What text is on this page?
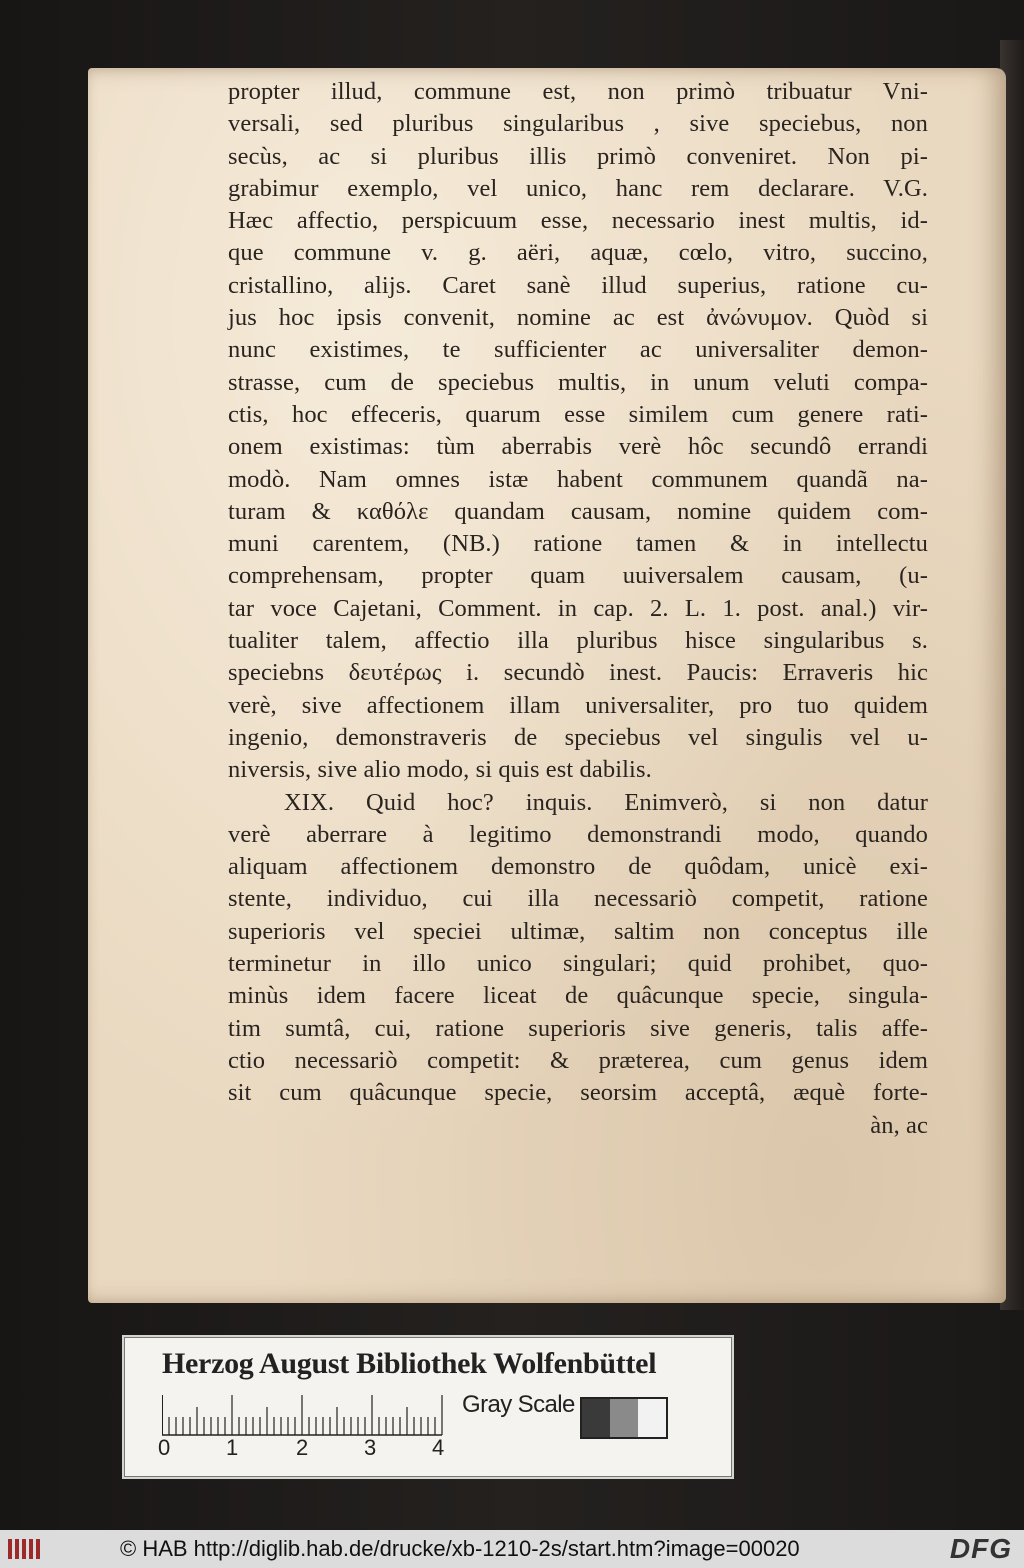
propter illud, commune est, non primò tribuatur Vni-
versali, sed pluribus singularibus , sive speciebus, non
secùs, ac si pluribus illis primò conveniret. Non pi-
grabimur exemplo, vel unico, hanc rem declarare. V.G.
Hæc affectio, perspicuum esse, necessario inest multis, id-
que commune v. g. aëri, aquæ, cœlo, vitro, succino,
cristallino, alijs. Caret sanè illud superius, ratione cu-
jus hoc ipsis convenit, nomine ac est ἀνώνυμον. Quòd si
nunc existimes, te sufficienter ac universaliter demon-
strasse, cum de speciebus multis, in unum veluti compa-
ctis, hoc effeceris, quarum esse similem cum genere rati-
onem existimas: tùm aberrabis verè hôc secundô errandi
modò. Nam omnes istæ habent communem quandã na-
turam & καθόλε quandam causam, nomine quidem com-
muni carentem, (NB.) ratione tamen & in intellectu
comprehensam, propter quam uuiversalem causam, (u-
tar voce Cajetani, Comment. in cap. 2. L. 1. post. anal.) vir-
tualiter talem, affectio illa pluribus hisce singularibus s.
speciebns δευτέρως i. secundò inest. Paucis: Erraveris hic
verè, sive affectionem illam universaliter, pro tuo quidem
ingenio, demonstraveris de speciebus vel singulis vel u-
niversis, sive alio modo, si quis est dabilis.
XIX. Quid hoc? inquis. Enimverò, si non datur
verè aberrare à legitimo demonstrandi modo, quando
aliquam affectionem demonstro de quôdam, unicè exi-
stente, individuo, cui illa necessariò competit, ratione
superioris vel speciei ultimæ, saltim non conceptus ille
terminetur in illo unico singulari; quid prohibet, quo-
minùs idem facere liceat de quâcunque specie, singula-
tim sumtâ, cui, ratione superioris sive generis, talis affe-
ctio necessariò competit: & præterea, cum genus idem
sit cum quâcunque specie, seorsim acceptâ, æquè forte-
àn, ac
Herzog August Bibliothek Wolfenbüttel
0	1	2	3	4
Gray Scale
© HAB http://diglib.hab.de/drucke/xb-1210-2s/start.htm?image=00020	DFG
